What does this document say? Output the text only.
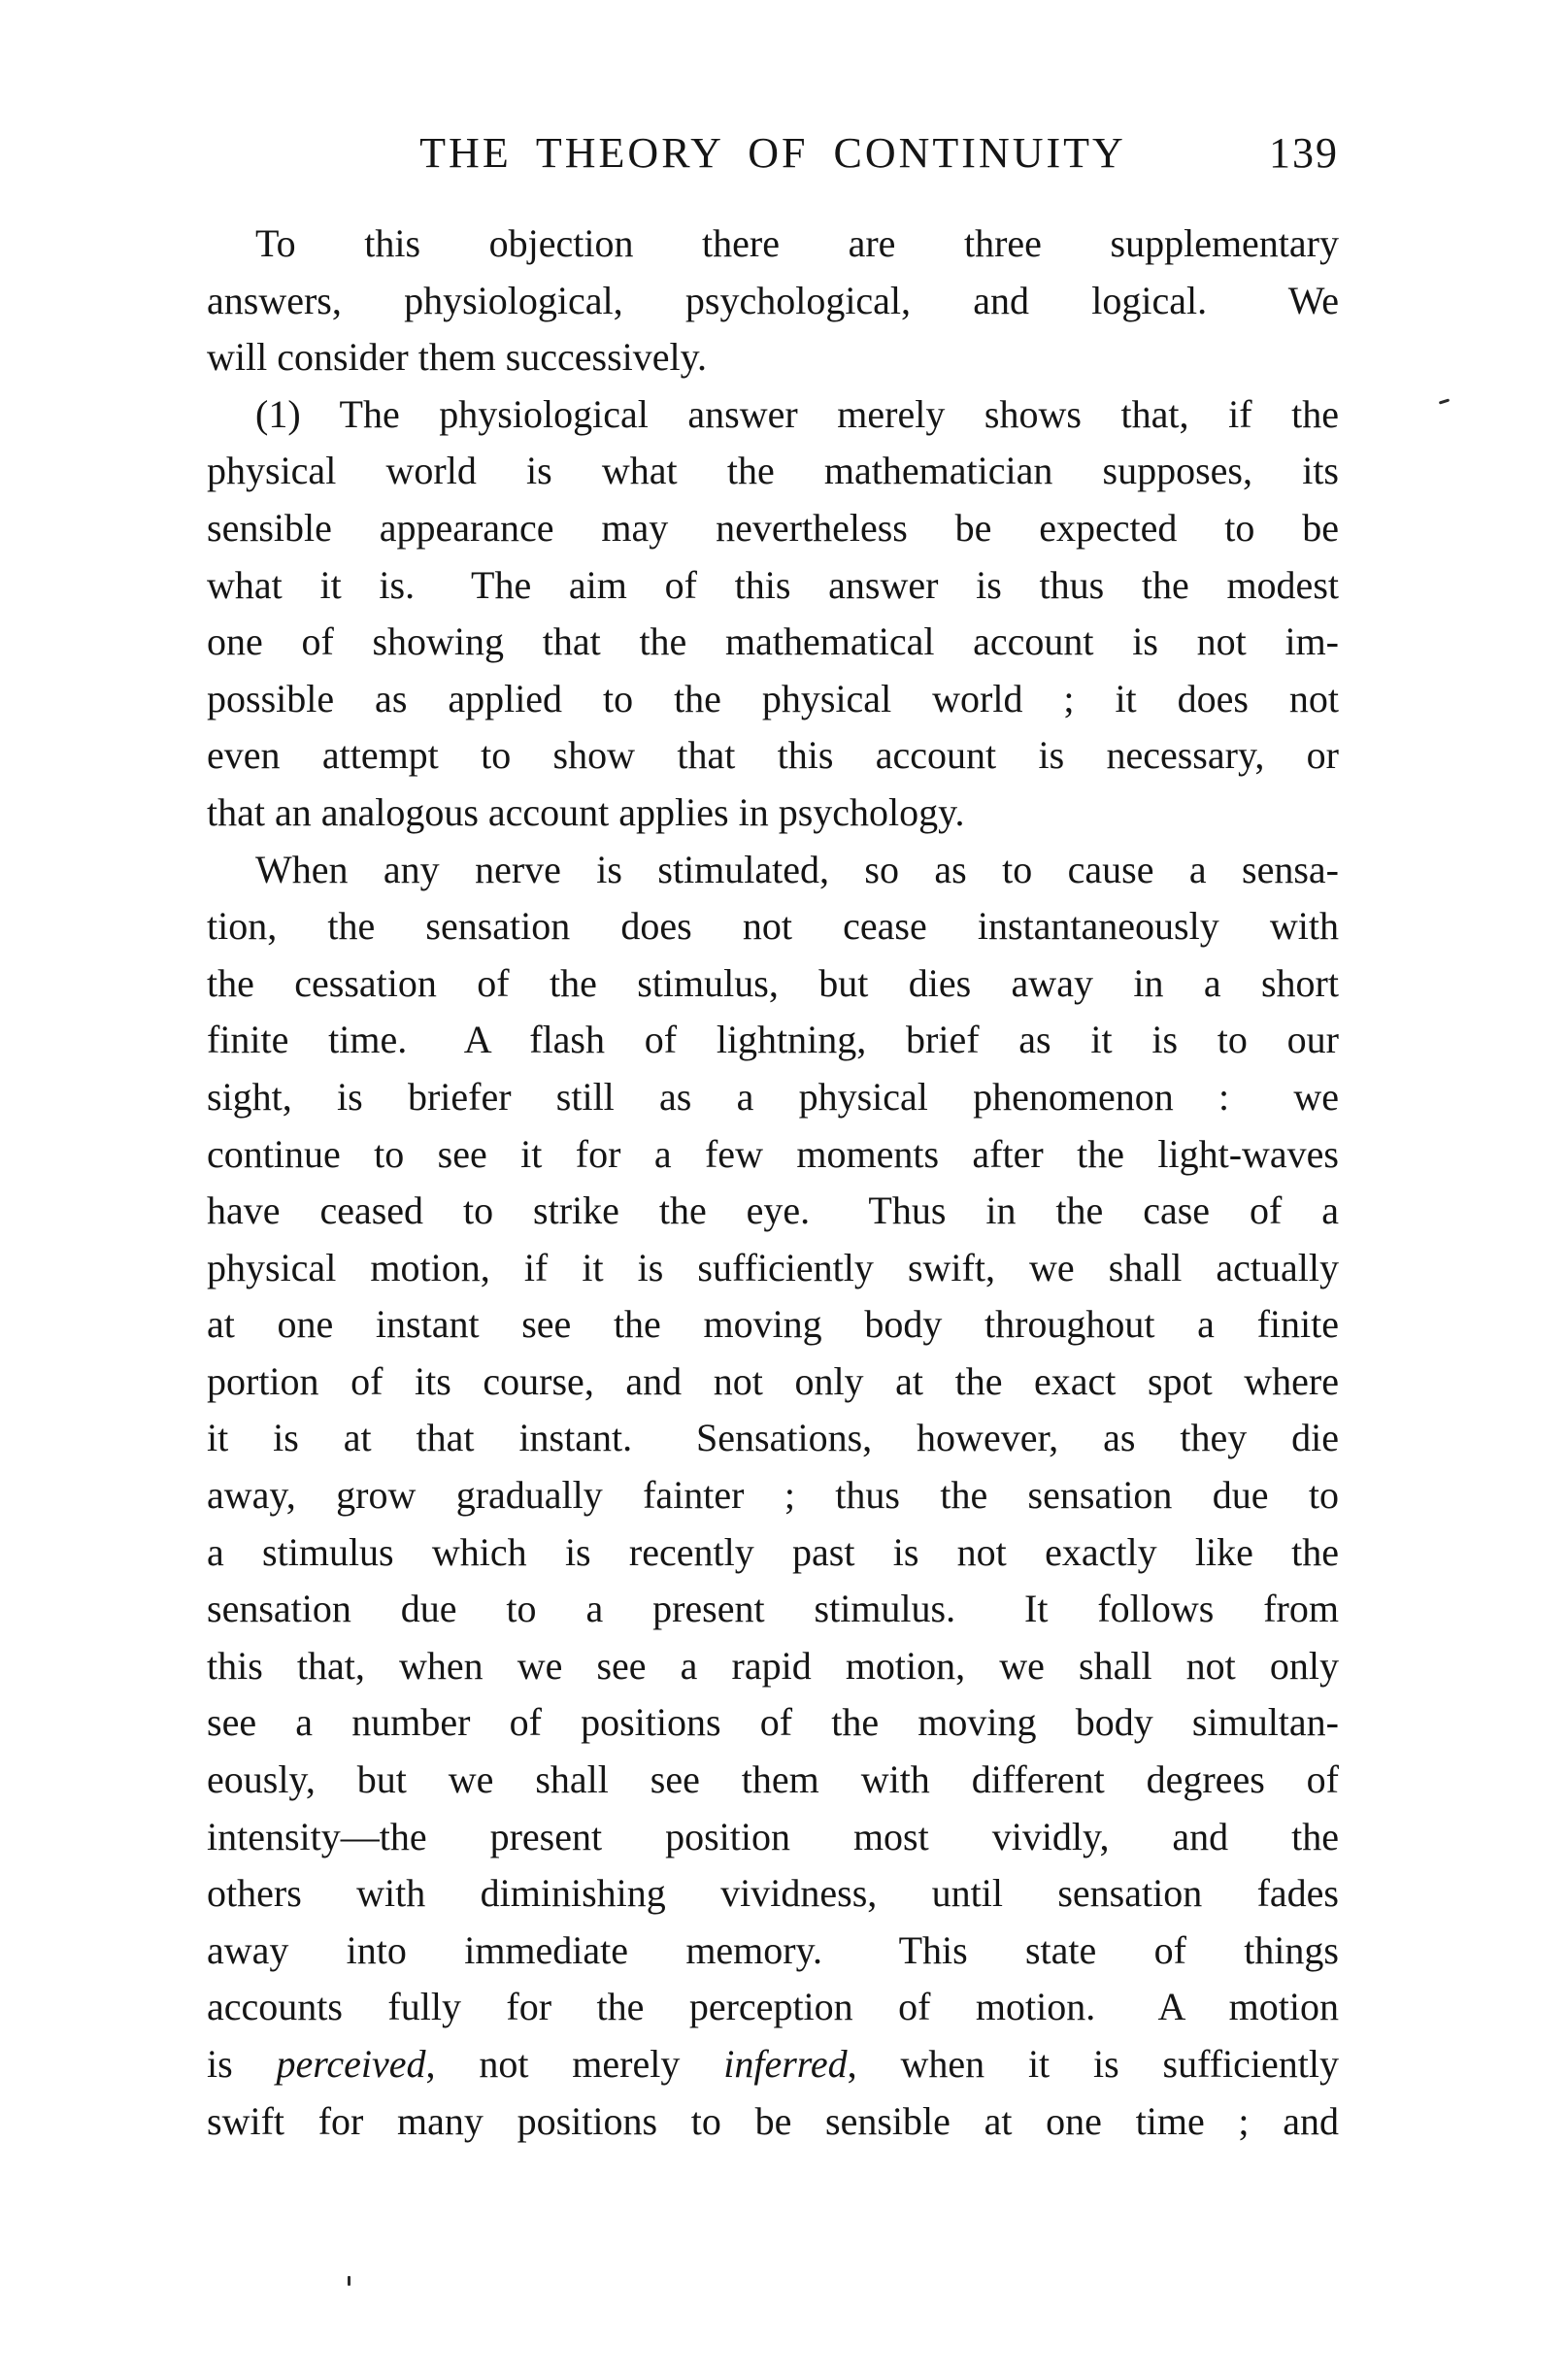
THE THEORY OF CONTINUITY	139
To this objection there are three supplementary
answers, physiological, psychological, and logical.  We
will consider them successively.
(1) The physiological answer merely shows that, if the
physical world is what the mathematician supposes, its
sensible appearance may nevertheless be expected to be
what it is.  The aim of this answer is thus the modest
one of showing that the mathematical account is not im-
possible as applied to the physical world ; it does not
even attempt to show that this account is necessary, or
that an analogous account applies in psychology.
When any nerve is stimulated, so as to cause a sensa-
tion, the sensation does not cease instantaneously with
the cessation of the stimulus, but dies away in a short
finite time.  A flash of lightning, brief as it is to our
sight, is briefer still as a physical phenomenon :  we
continue to see it for a few moments after the light-waves
have ceased to strike the eye.  Thus in the case of a
physical motion, if it is sufficiently swift, we shall actually
at one instant see the moving body throughout a finite
portion of its course, and not only at the exact spot where
it is at that instant.  Sensations, however, as they die
away, grow gradually fainter ; thus the sensation due to
a stimulus which is recently past is not exactly like the
sensation due to a present stimulus.  It follows from
this that, when we see a rapid motion, we shall not only
see a number of positions of the moving body simultan-
eously, but we shall see them with different degrees of
intensity—the present position most vividly, and the
others with diminishing vividness, until sensation fades
away into immediate memory.  This state of things
accounts fully for the perception of motion.  A motion
is perceived, not merely inferred, when it is sufficiently
swift for many positions to be sensible at one time ; and
